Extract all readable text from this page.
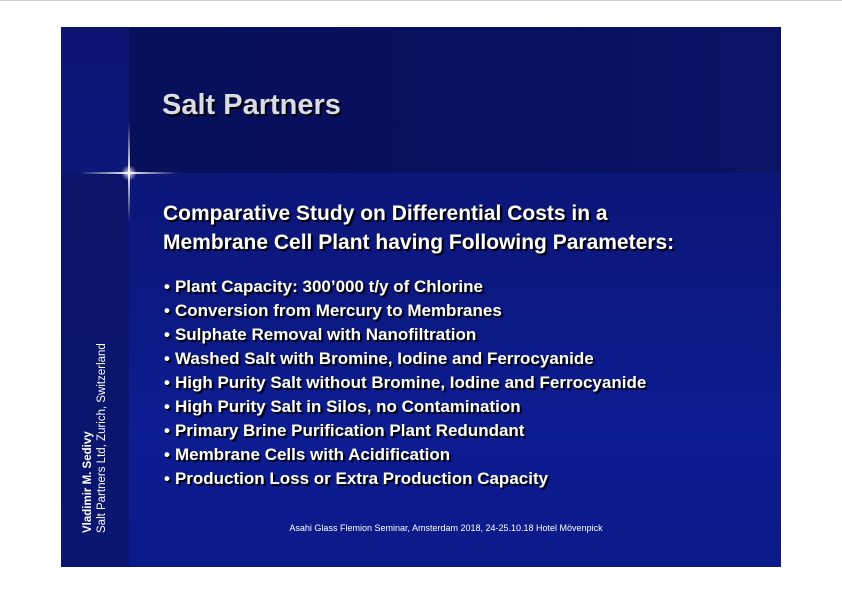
Salt Partners
Comparative Study on Differential Costs in a
Membrane Cell Plant having Following Parameters:
• Plant Capacity: 300’000 t/y of Chlorine
• Conversion from Mercury to Membranes
• Sulphate Removal with Nanofiltration
• Washed Salt with Bromine, Iodine and Ferrocyanide
• High Purity Salt without Bromine, Iodine and Ferrocyanide
• High Purity Salt in Silos, no Contamination
• Primary Brine Purification Plant Redundant
• Membrane Cells with Acidification
• Production Loss or Extra Production Capacity
Asahi Glass Flemion Seminar, Amsterdam 2018, 24-25.10.18 Hotel Mövenpick
Vladimir M. Sedivy Salt Partners Ltd, Zurich, Switzerland
